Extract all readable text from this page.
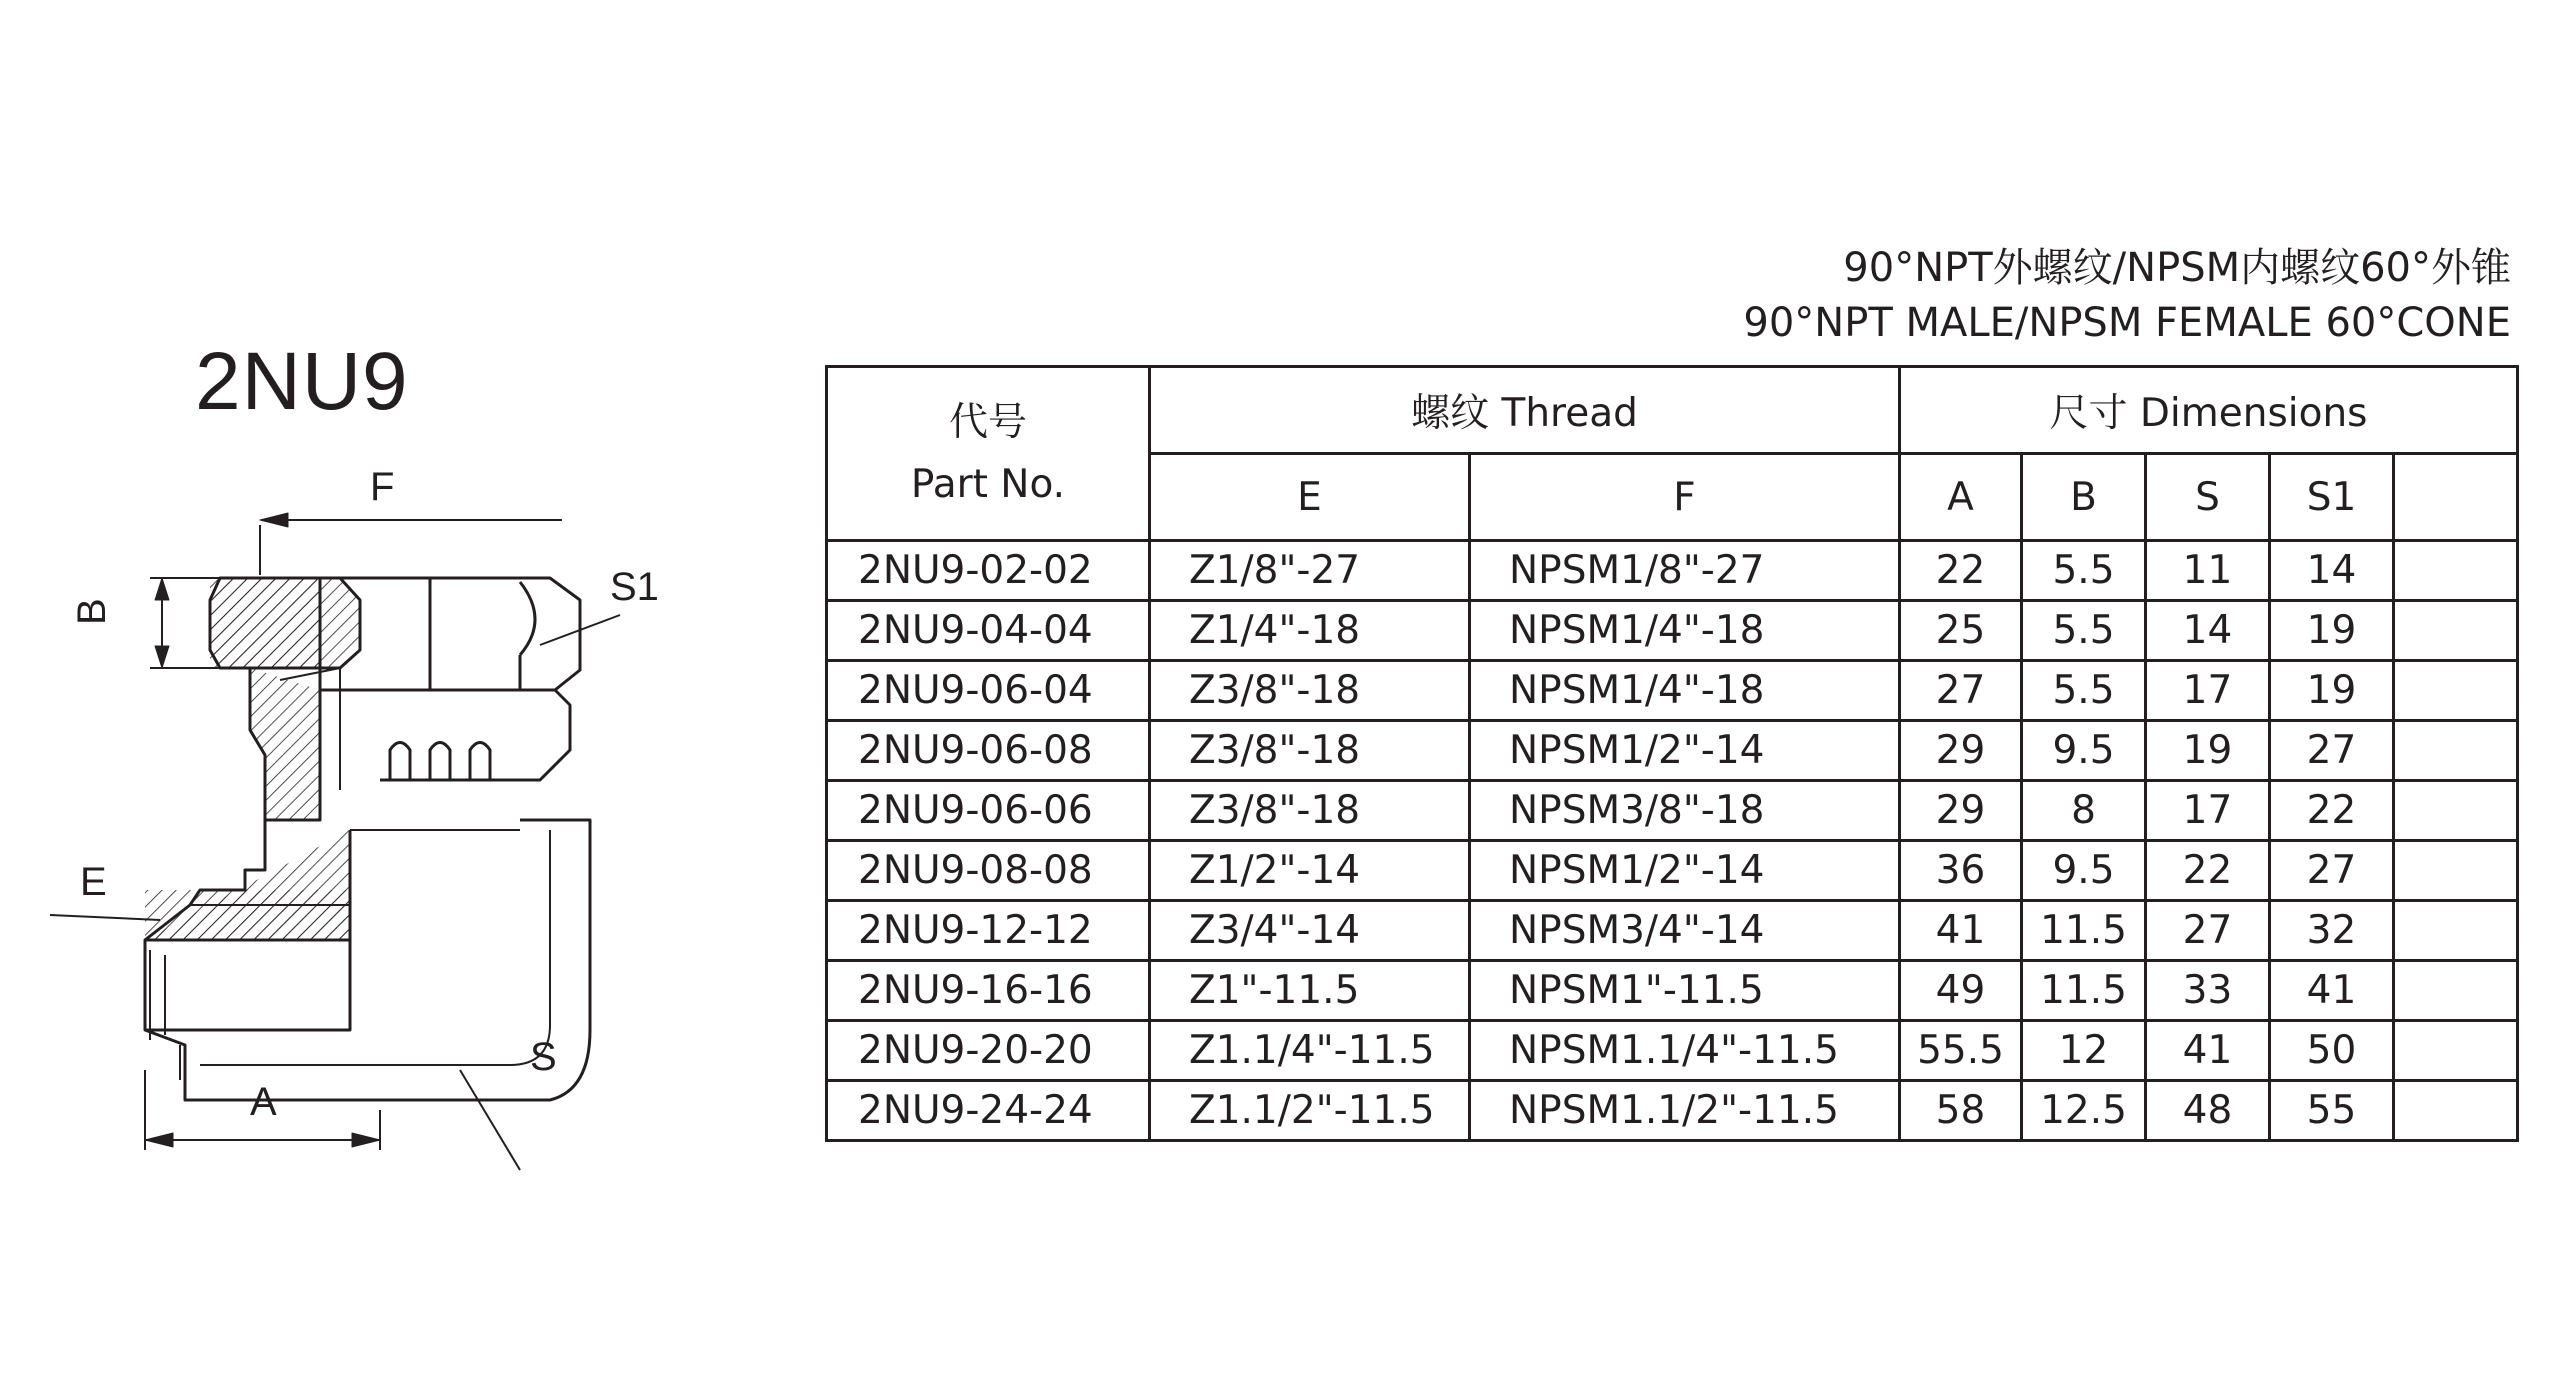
2NU9
F
B
S1
E
S
A
90°NPT外螺纹/NPSM内螺纹60°外锥
90°NPT MALE/NPSM FEMALE 60°CONE
代号
Part No.	螺纹 Thread		尺寸 Dimensions				
	E	F	A	B	S	S1	
2NU9-02-02	Z1/8"-27	NPSM1/8"-27	22	5.5	11	14	
2NU9-04-04	Z1/4"-18	NPSM1/4"-18	25	5.5	14	19	
2NU9-06-04	Z3/8"-18	NPSM1/4"-18	27	5.5	17	19	
2NU9-06-08	Z3/8"-18	NPSM1/2"-14	29	9.5	19	27	
2NU9-06-06	Z3/8"-18	NPSM3/8"-18	29	8	17	22	
2NU9-08-08	Z1/2"-14	NPSM1/2"-14	36	9.5	22	27	
2NU9-12-12	Z3/4"-14	NPSM3/4"-14	41	11.5	27	32	
2NU9-16-16	Z1"-11.5	NPSM1"-11.5	49	11.5	33	41	
2NU9-20-20	Z1.1/4"-11.5	NPSM1.1/4"-11.5	55.5	12	41	50	
2NU9-24-24	Z1.1/2"-11.5	NPSM1.1/2"-11.5	58	12.5	48	55	
